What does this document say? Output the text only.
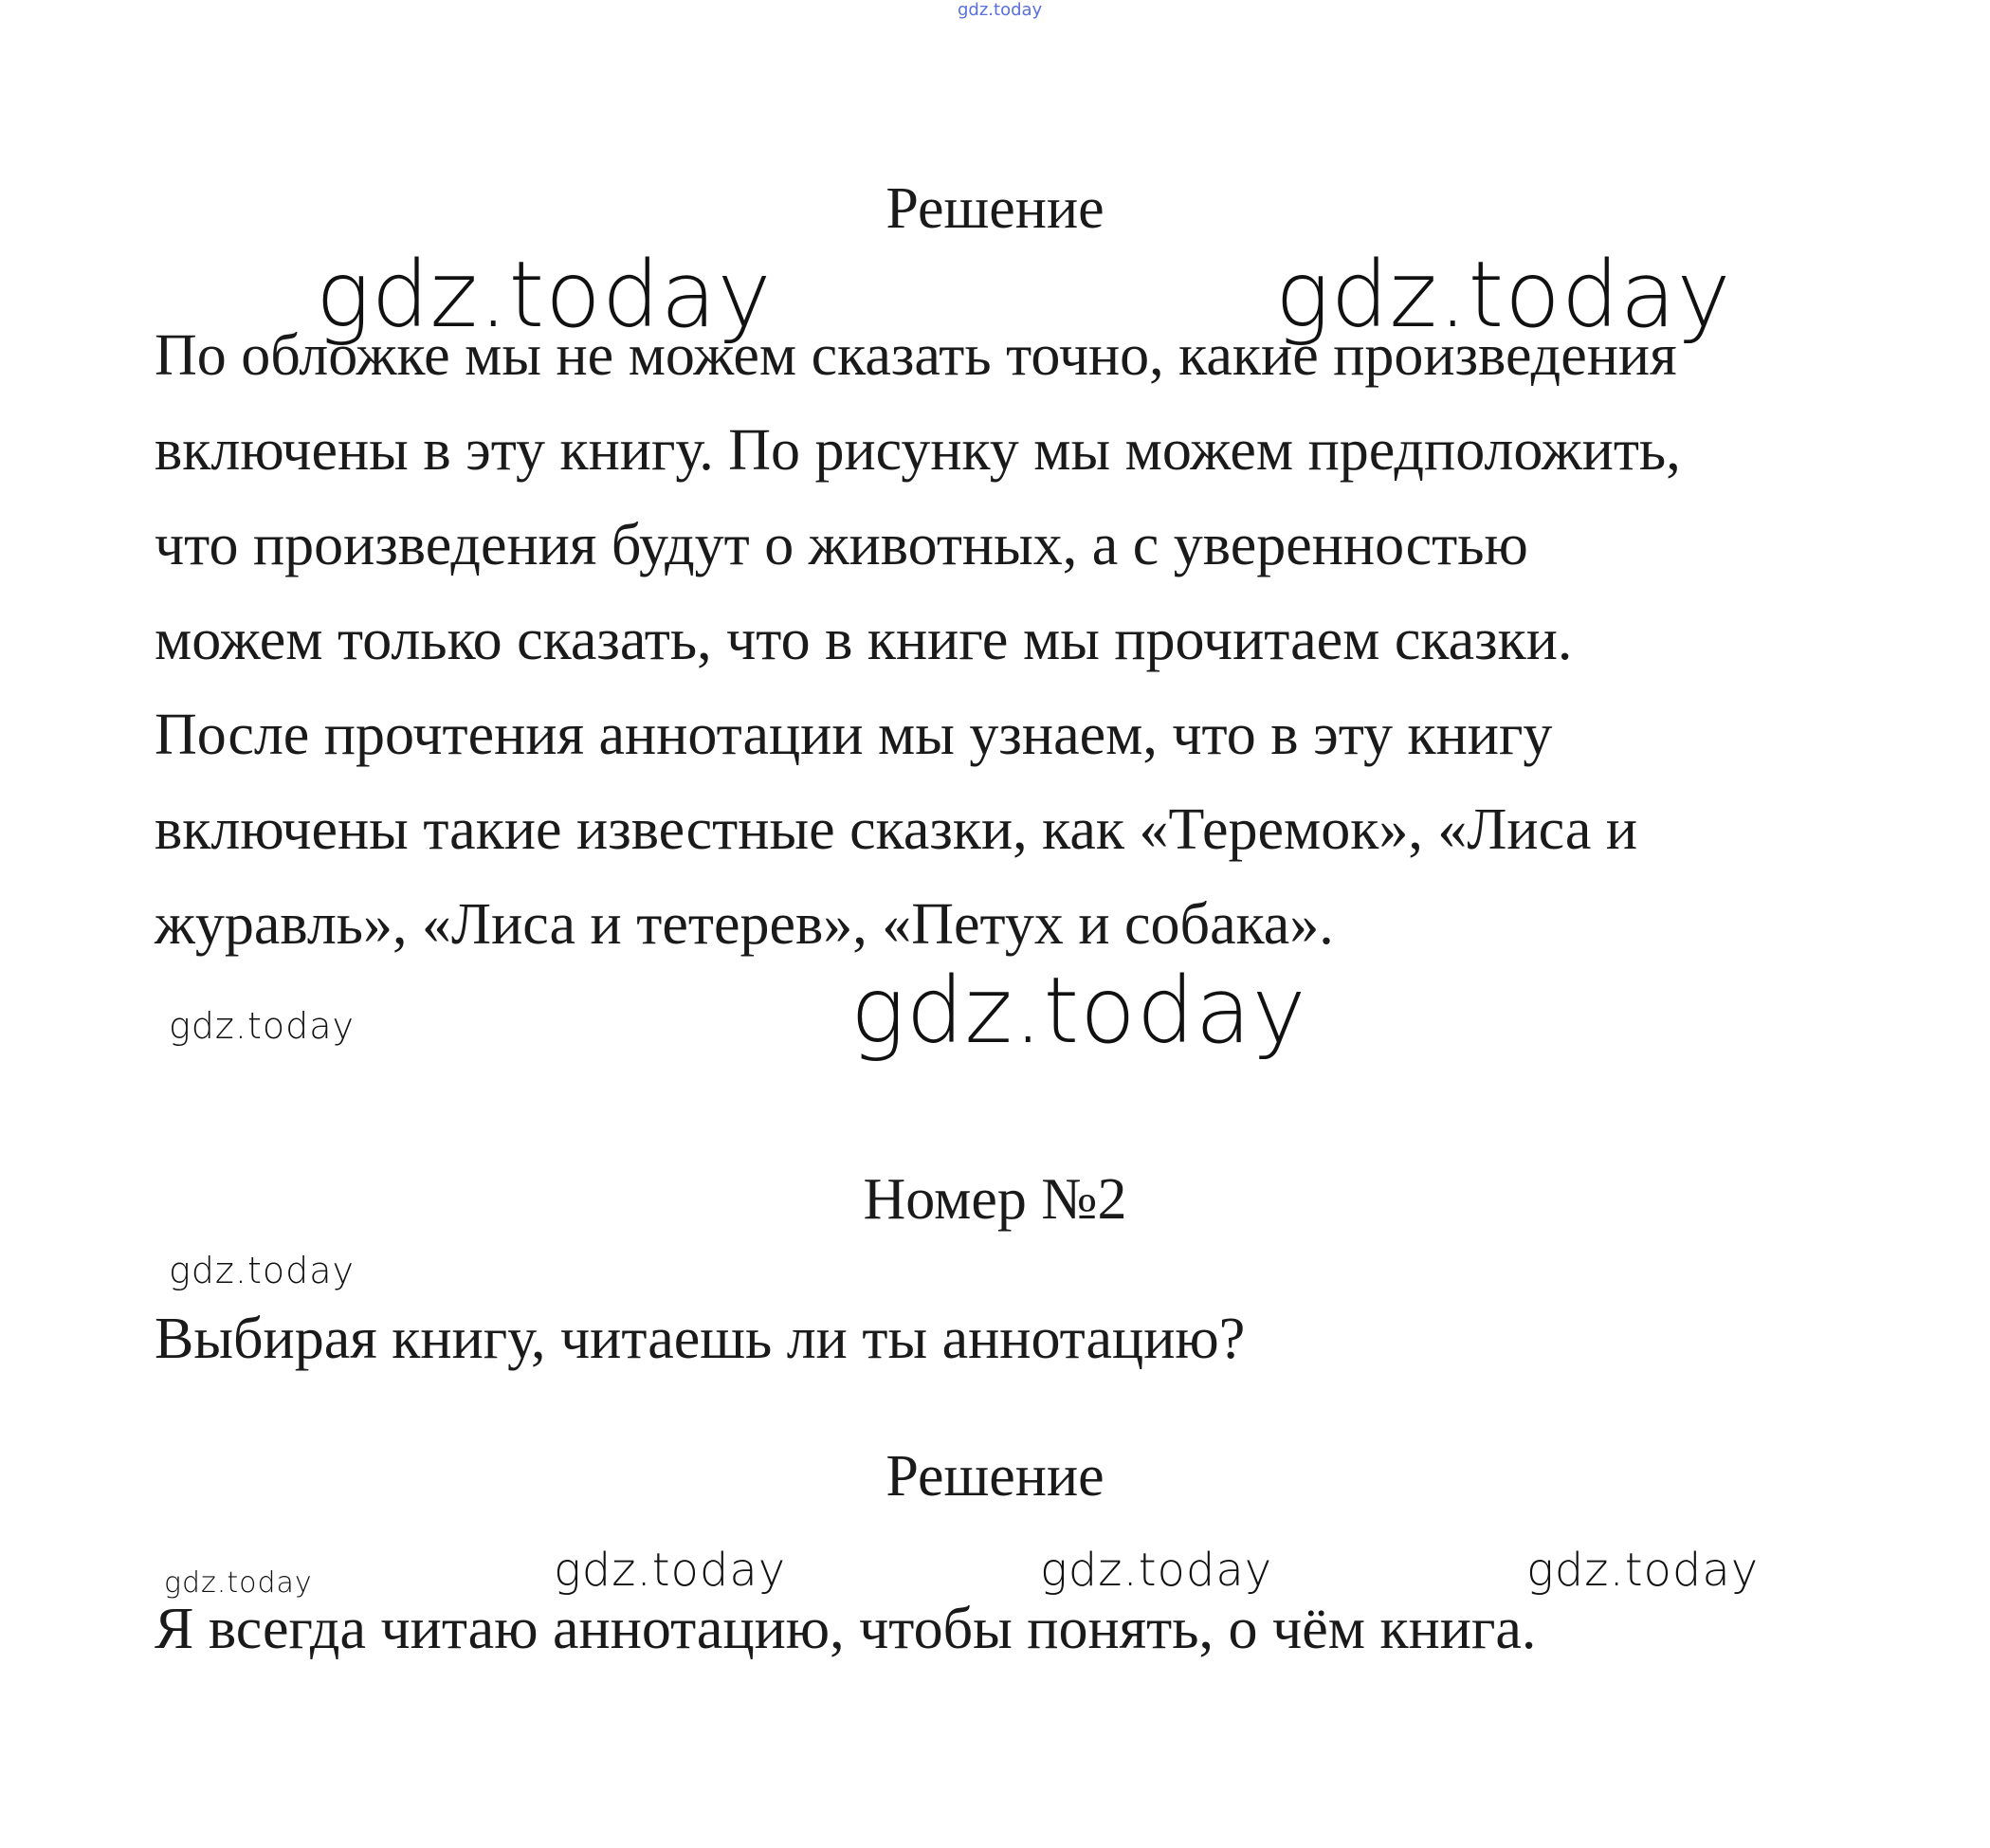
gdz.today
Решение
gdz.today	gdz.today
По обложке мы не можем сказать точно, какие произведения
включены в эту книгу. По рисунку мы можем предположить,
что произведения будут о животных, а с уверенностью
можем только сказать, что в книге мы прочитаем сказки.
После прочтения аннотации мы узнаем, что в эту книгу
включены такие известные сказки, как «Теремок», «Лиса и
журавль», «Лиса и тетерев», «Петух и собака».
gdz.today
gdz.today
Номер №2
gdz.today
Выбирая книгу, читаешь ли ты аннотацию?
Решение
gdz.today	gdz.today	gdz.today	gdz.today
Я всегда читаю аннотацию, чтобы понять, о чём книга.
